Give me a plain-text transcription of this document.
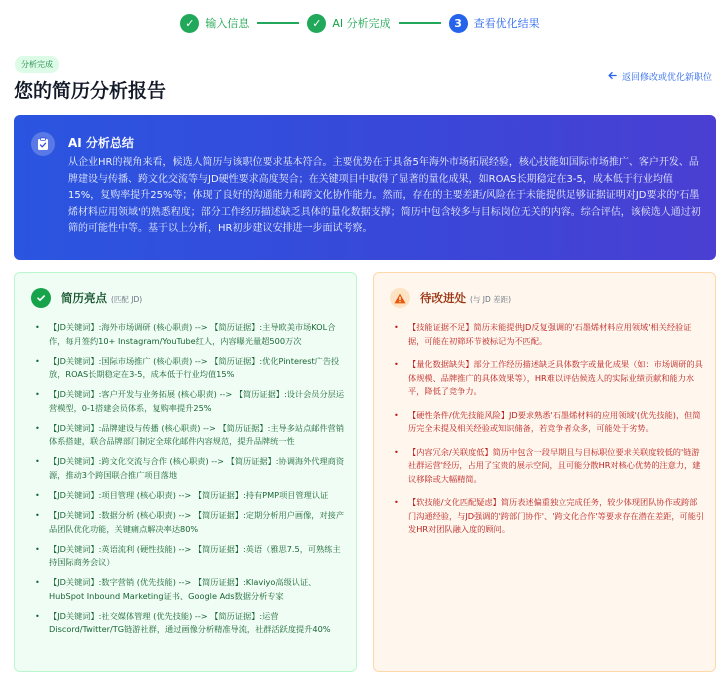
✓ 输入信息	✓ AI 分析完成	3	查看优化结果
分析完成
您的简历分析报告
返回修改或优化新职位
AI 分析总结

从企业HR的视角来看，候选人简历与该职位要求基本符合。主要优势在于具备5年海外市场拓展经验，核心技能如国际市场推广、客户开发、品牌建设与传播、跨文化交流等与JD硬性要求高度契合；在关键项目中取得了显著的量化成果，如ROAS长期稳定在3-5，成本低于行业均值15%，复购率提升25%等；体现了良好的沟通能力和跨文化协作能力。然而，存在的主要差距/风险在于未能提供足够证据证明对JD要求的'石墨烯材料应用领域'的熟悉程度；部分工作经历描述缺乏具体的量化数据支撑；简历中包含较多与目标岗位无关的内容。综合评估，该候选人通过初筛的可能性中等。基于以上分析，HR初步建议安排进一步面试考察。

简历亮点 (匹配 JD)
• 【JD关键词】:海外市场调研 (核心职责) --> 【简历证据】:主导欧美市场KOL合作，每月签约10+ Instagram/YouTube红人，内容曝光量超500万次
• 【JD关键词】:国际市场推广 (核心职责) --> 【简历证据】:优化Pinterest广告投放，ROAS长期稳定在3-5，成本低于行业均值15%
• 【JD关键词】:客户开发与业务拓展 (核心职责) --> 【简历证据】:设计会员分层运营模型，0-1搭建会员体系，复购率提升25%
• 【JD关键词】:品牌建设与传播 (核心职责) --> 【简历证据】:主导多站点邮件营销体系搭建，联合品牌部门制定全球化邮件内容规范，提升品牌统一性
• 【JD关键词】:跨文化交流与合作 (核心职责) --> 【简历证据】:协调海外代理商资源，推动3个跨国联合推广项目落地
• 【JD关键词】:项目管理 (核心职责) --> 【简历证据】:持有PMP项目管理认证
• 【JD关键词】:数据分析 (核心职责) --> 【简历证据】:定期分析用户画像，对接产品团队优化功能，关键痛点解决率达80%
• 【JD关键词】:英语流利 (硬性技能) --> 【简历证据】:英语（雅思7.5，可熟练主持国际商务会议）
• 【JD关键词】:数字营销 (优先技能) --> 【简历证据】:Klaviyo高级认证、HubSpot Inbound Marketing证书、Google Ads数据分析专家
• 【JD关键词】:社交媒体管理 (优先技能) --> 【简历证据】:运营Discord/Twitter/TG链游社群，通过画像分析精准导流，社群活跃度提升40%
待改进处 (与 JD 差距)
• 【技能证据不足】简历未能提供JD反复强调的'石墨烯材料应用领域'相关经验证据，可能在初筛环节被标记为不匹配。
• 【量化数据缺失】部分工作经历描述缺乏具体数字或量化成果（如：市场调研的具体规模、品牌推广的具体效果等），HR难以评估候选人的实际业绩贡献和能力水平，降低了竞争力。
• 【硬性条件/优先技能风险】JD要求熟悉'石墨烯材料的应用领域'(优先技能)，但简历完全未提及相关经验或知识储备，若竞争者众多，可能处于劣势。
• 【内容冗余/关联度低】简历中包含一段早期且与目标职位要求关联度较低的'链游社群运营'经历，占用了宝贵的展示空间，且可能分散HR对核心优势的注意力，建议移除或大幅精简。
• 【软技能/文化匹配疑虑】简历表述偏重独立完成任务，较少体现团队协作或跨部门沟通经验，与JD强调的'跨部门协作'、'跨文化合作'等要求存在潜在差距，可能引发HR对团队融入度的顾问。
